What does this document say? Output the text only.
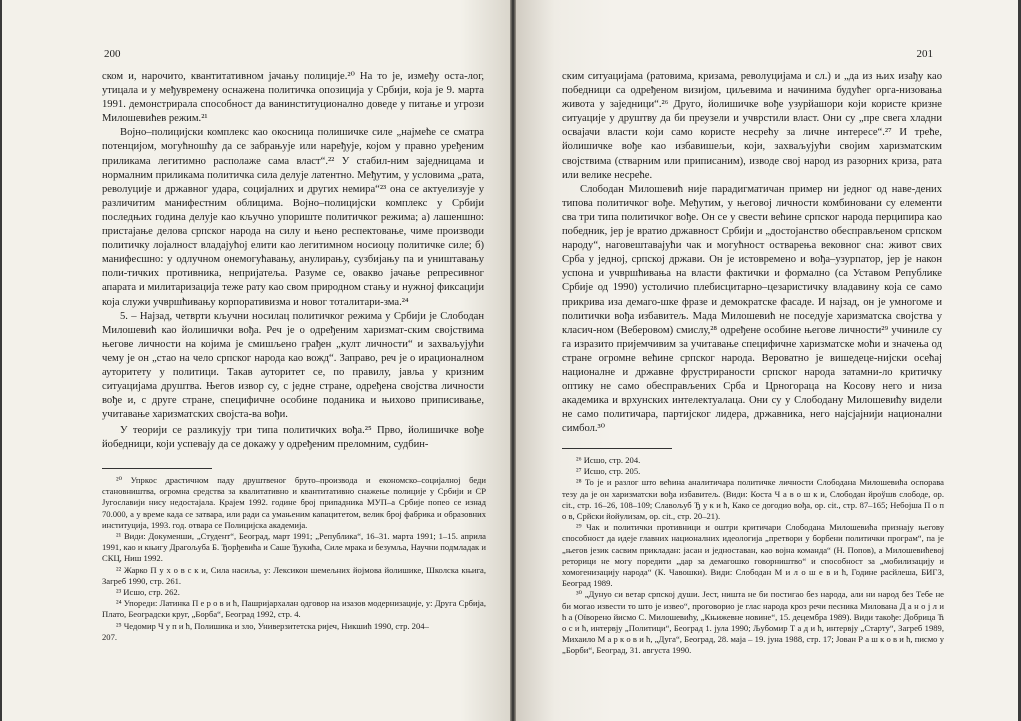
200

ском и, нарочито, квантитативном јачању полиције.²⁰ На то је, између оста-лог, утицала и у међувремену оснажена политичка опозиција у Србији, која је 9. марта 1991. демонстрирала способност да ванинституционално доведе у питање и угрози Милошевићев режим.²¹

Војно–полицијски комплекс као окосница полишичке силе „најмеће се сматра потенцијом, могућношћу да се забрањује или наређује, којом у правно уређеним приликама легитимно располаже сама власт“.²² У стабил-ним заједницама и нормалним приликама политичка сила делује латентно. Међутим, у условима „рата, револуције и државног удара, социјалних и других немира“²³ она се актуелизује у различитим манифестним облицима. Војно–полицијски комплекс у Србији последњих година делује као кључно упориште политичког режима; а) лашеншно: пристајање делова српског народа на силу и њено респектовање, чиме производи политичку лојалност владајућој елити као легитимном носиоцу политичке силе; б) манифесшно: у одлучном онемогућавању, анулирању, сузбијању па и уништавању поли-тичких противника, непријатеља. Разуме се, овакво јачање репресивног апарата и милитаризација теже рату као свом природном стању и нужној фиксацији која служи учвршћивању корпоративизма и новог тоталитари-зма.²⁴

5. – Најзад, четврти кључни носилац политичког режима у Србији је Слободан Милошевић као йолишички вођа. Реч је о одређеним харизмат-ским својствима његове личности на којима је смишљено грађен „култ личности“ и захваљујући чему је он „стао на чело српског народа као вожд“. Заправо, реч је о ирационалном ауторитету у политици. Такав ауторитет се, по правилу, јавља у кризним ситуацијама друштва. Његов извор су, с једне стране, одређена својства личности вође и, с друге стране, специфичне особине поданика и њихово приписивање, учитавање харизматских својста-ва вођи.

У теорији се разликују три типа политичких вођа.²⁵ Прво, йолишичке вође йобедници, који успевају да се докажу у одређеним преломним, судбин-

²⁰ Упркос драстичном паду друштвеног бруто–производа и економско–социјалној беди становништва, огромна средства за квалитативно и квантитативно снажење полиције у Србији и СР Југославији нису недостајала. Крајем 1992. године број припадника МУП–а Србије попео се изнад 70.000, а у време када се затвара, или ради са умањеним капацитетом, велик број фабрика и образовних институција, 1993. год. отвара се Полицијска академија.

²¹ Види: Докуменши, „Студент“, Београд, март 1991; „Република“, 16–31. марта 1991; 1–15. априла 1991, као и књигу Драгољуба Б. Ђорђевића и Саше Ђукића, Силе мрака и безумља, Научни подмладак и СКЦ, Ниш 1992.

²² Жарко П у х о в с к и, Сила насиља, у: Лексикон шемељних йојмова йолишике, Школска књига, Загреб 1990, стр. 261.

²³ Исшо, стр. 262.

²⁴ Упореди: Латинка П е р о в и ћ, Пашријархалан одговор на изазов модернизације, у: Друга Србија, Плато, Београдски круг, „Борба“, Београд 1992, стр. 4.

²⁵ Чедомир Ч у п и ћ, Полишика и зло, Универзитетска ријеч, Никшић 1990, стр. 204–

207.

201

ским ситуацијама (ратовима, кризама, револуцијама и сл.) и „да из њих изађу као победници са одређеном визијом, циљевима и начинима будућег орга-низовања живота у заједници“.²⁶ Друго, йолишичке вође узурйашори који користе кризне ситуације у друштву да би преузели и учврстили власт. Они су „пре свега хладни освајачи власти који само користе несрећу за личне интересе“.²⁷ И треће, йолишичке вође као избавишељи, који, захваљујући својим харизматским својствима (стварним или приписаним), изводе свој народ из разорних криза, рата или велике несреће.

Слободан Милошевић није парадигматичан пример ни једног од наве-дених типова политичког вође. Међутим, у његовој личности комбиновани су елементи сва три типа политичког вође. Он се у свести већине српског народа перципира као победник, јер је вратио државност Србији и „достојанство обесправљеном српском народу“, наговештавајући чак и могућност остварења вековног сна: живот свих Срба у једној, српској држави. Он је истовремено и вођа–узурпатор, јер је након успона и учвршћивања на власти фактички и формално (са Уставом Републике Србије од 1990) устоличио плебисцитарно–цезаристичку владавину која се само прикрива иза демаго-шке фразе и демократске фасаде. И најзад, он је умногоме и политички вођа избавитељ. Мада Милошевић не поседује харизматска својства у класич-ном (Веберовом) смислу,²⁸ одређене особине његове личности²⁹ учиниле су га изразито пријемчивим за учитавање специфичне харизматске моћи и значења од стране огромне већине српског народа. Вероватно је вишедеце-нијски осећај националне и државне фрустрираности српског народа затамни-ло критичку оптику не само обесправљених Срба и Црногораца на Косову него и низа академика и врхунских интелектуалаца. Они су у Слободану Милошевићу видели не само политичара, партијског лидера, државника, него најсјајнији национални симбол.³⁰

²⁶ Исшо, стр. 204.

²⁷ Исшо, стр. 205.

²⁸ То је и разлог што већина аналитичара политичке личности Слободана Милошевића оспорава тезу да је он харизматски вођа избавитељ. (Види: Коста Ч а в о ш к и, Слободан йроўшв слободе, op. cit., стр. 16–26, 108–109; Славољуб Ђ у к и ћ, Како се догодио вођа, op. cit., стр. 87–165; Небојша П о п о в, Срйски йойулизам, op. cit., стр. 20–21).

²⁹ Чак и политички противници и оштри критичари Слободана Милошевића признају његову способност да идеје главних националних идеологија „претвори у борбени политички програм“, па је „његов језик сасвим прикладан: јасан и једноставан, као војна команда“ (Н. Попов), а Милошевићевој реторици не могу поредити „дар за демагошко говорништво“ и способност за „мобилизацију и хомогенизацију народа“ (К. Чавошки). Види: Слободан М и л о ш е в и ћ, Године расйлеша, БИГЗ, Београд 1989.

³⁰ „Дунуо си ветар српској души. Јест, ништа не би постигао без народа, али ни народ без Тебе не би могао извести то што је извео“, проговорио је глас народа кроз речи песника Милована Д а н о ј л и ћ а (Оїворено йисмо С. Милошевићу, „Књижевне новине“, 15. децембра 1989). Види такође: Добрица Ћ о с и ћ, интервју „Политици“, Београд 1. јула 1990; Љубомир Т а д и ћ, интервју „Старту“, Загреб 1989, Михаило М а р к о в и ћ, „Дуга“, Београд, 28. маја – 19. јуна 1988, стр. 17; Јован Р а ш к о в и ћ, писмо у „Борби“, Београд, 31. августа 1990.
